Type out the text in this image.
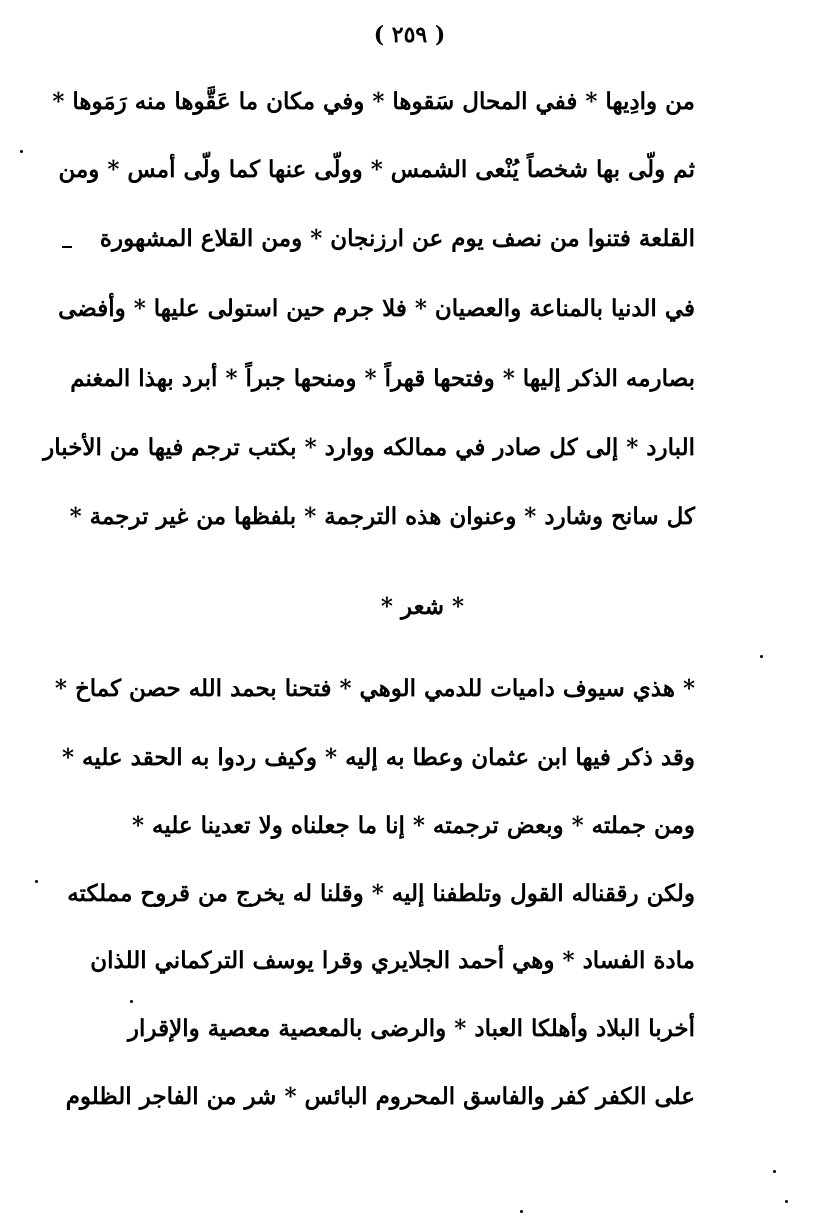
( ٢٥٩ )
من وادِيها * ففي المحال سَقوها * وفي مكان ما عَقَّوها منه رَمَوها *
ثم ولّى بها شخصاً يُنْعى الشمس * وولّى عنها كما ولّى أمس * ومن
القلعة فتنوا من نصف يوم عن ارزنجان * ومن القلاع المشهورة
في الدنيا بالمناعة والعصيان * فلا جرم حين استولى عليها * وأفضى
بصارمه الذكر إليها * وفتحها قهراً * ومنحها جبراً * أبرد بهذا المغنم
البارد * إلى كل صادر في ممالكه ووارد * بكتب ترجم فيها من الأخبار
كل سانح وشارد * وعنوان هذه الترجمة * بلفظها من غير ترجمة *
* شعر *
* هذي سيوف داميات للدمي الوهي * فتحنا بحمد الله حصن كماخ *
وقد ذكر فيها ابن عثمان وعطا به إليه * وكيف ردوا به الحقد عليه *
ومن جملته * وبعض ترجمته * إنا ما جعلناه ولا تعدينا عليه *
ولكن رققناله القول وتلطفنا إليه * وقلنا له يخرج من قروح مملكته
مادة الفساد * وهي أحمد الجلايري وقرا يوسف التركماني اللذان
أخربا البلاد وأهلكا العباد * والرضى بالمعصية معصية والإقرار
على الكفر كفر والفاسق المحروم البائس * شر من الفاجر الظلوم
